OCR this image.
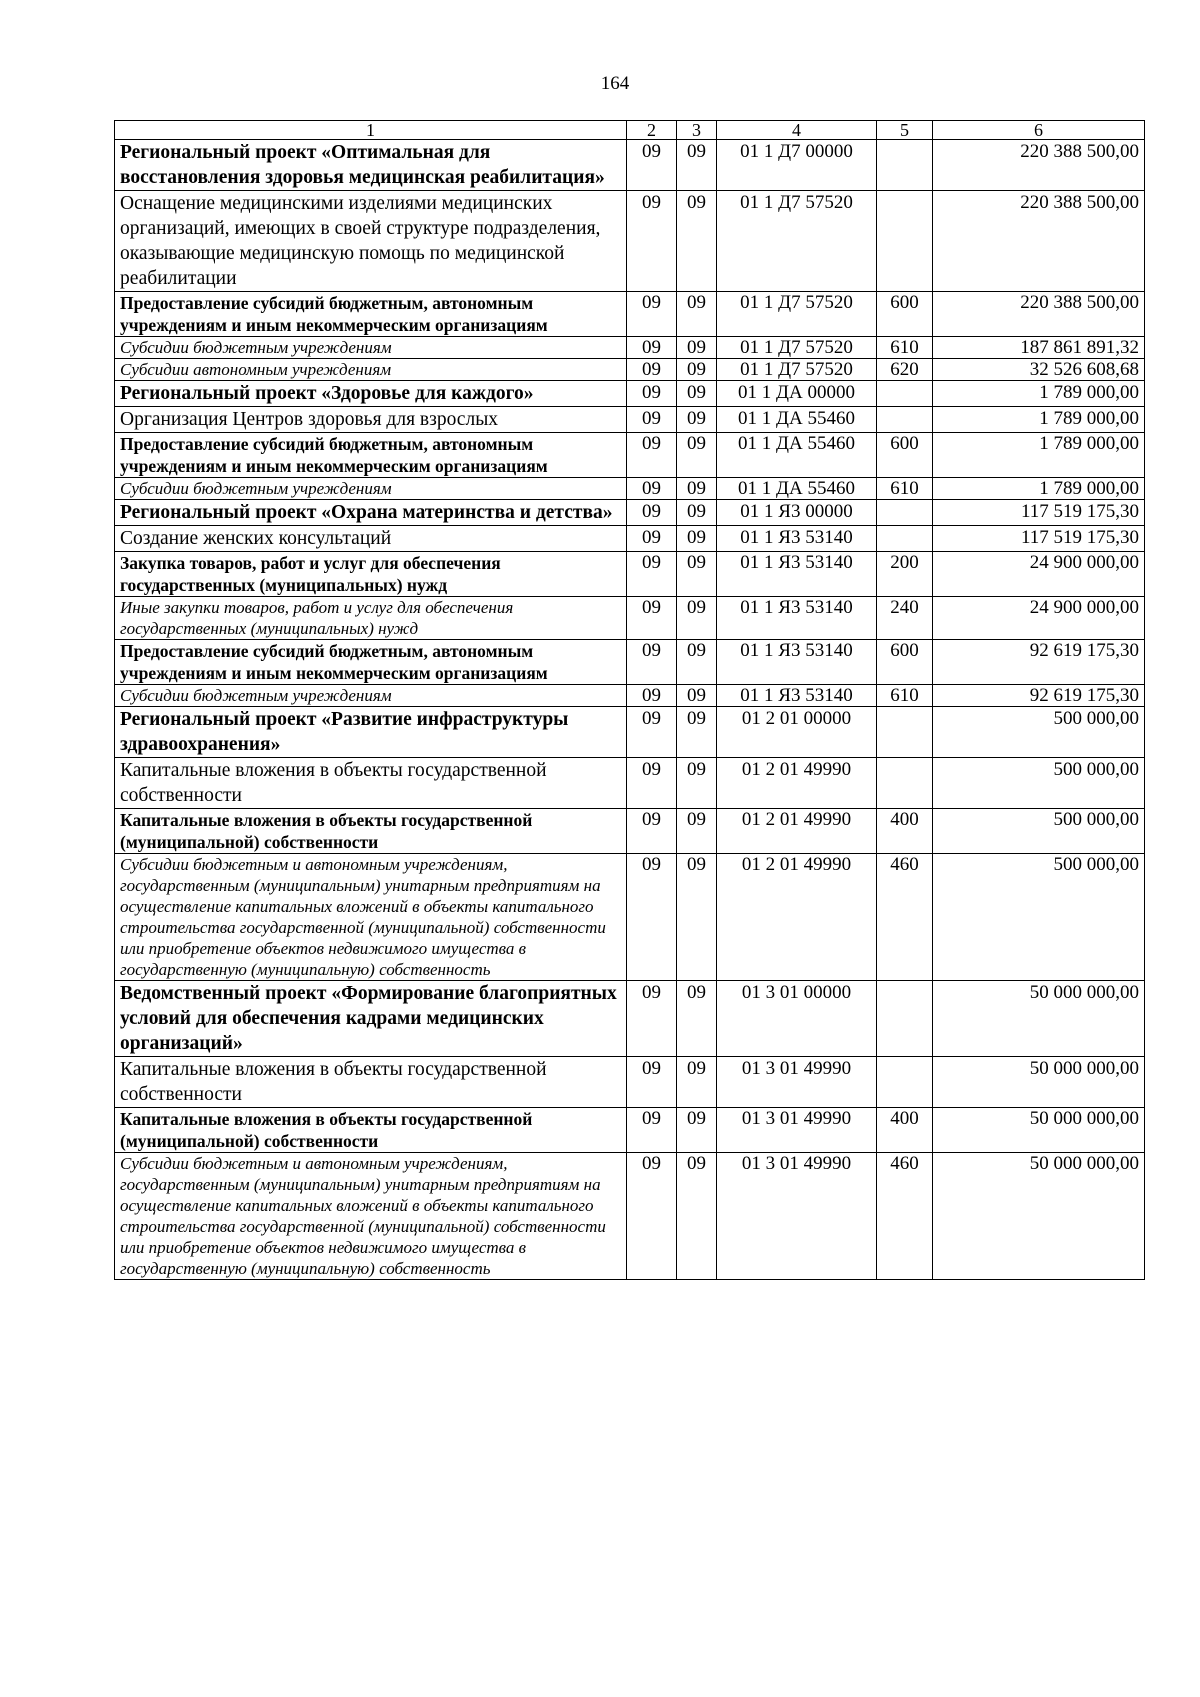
164
1	2	3	4	5	6
Региональный проект «Оптимальная для восстановления здоровья медицинская реабилитация»	09	09	01 1 Д7 00000		220 388 500,00
Оснащение медицинскими изделиями медицинских организаций, имеющих в своей структуре подразделения, оказывающие медицинскую помощь по медицинской реабилитации	09	09	01 1 Д7 57520		220 388 500,00
Предоставление субсидий бюджетным, автономным учреждениям и иным некоммерческим организациям	09	09	01 1 Д7 57520	600	220 388 500,00
Субсидии бюджетным учреждениям	09	09	01 1 Д7 57520	610	187 861 891,32
Субсидии автономным учреждениям	09	09	01 1 Д7 57520	620	32 526 608,68
Региональный проект «Здоровье для каждого»	09	09	01 1 ДА 00000		1 789 000,00
Организация Центров здоровья для взрослых	09	09	01 1 ДА 55460		1 789 000,00
Предоставление субсидий бюджетным, автономным учреждениям и иным некоммерческим организациям	09	09	01 1 ДА 55460	600	1 789 000,00
Субсидии бюджетным учреждениям	09	09	01 1 ДА 55460	610	1 789 000,00
Региональный проект «Охрана материнства и детства»	09	09	01 1 Я3 00000		117 519 175,30
Создание женских консультаций	09	09	01 1 Я3 53140		117 519 175,30
Закупка товаров, работ и услуг для обеспечения государственных (муниципальных) нужд	09	09	01 1 Я3 53140	200	24 900 000,00
Иные закупки товаров, работ и услуг для обеспечения государственных (муниципальных) нужд	09	09	01 1 Я3 53140	240	24 900 000,00
Предоставление субсидий бюджетным, автономным учреждениям и иным некоммерческим организациям	09	09	01 1 Я3 53140	600	92 619 175,30
Субсидии бюджетным учреждениям	09	09	01 1 Я3 53140	610	92 619 175,30
Региональный проект «Развитие инфраструктуры здравоохранения»	09	09	01 2 01 00000		500 000,00
Капитальные вложения в объекты государственной собственности	09	09	01 2 01 49990		500 000,00
Капитальные вложения в объекты государственной (муниципальной) собственности	09	09	01 2 01 49990	400	500 000,00
Субсидии бюджетным и автономным учреждениям, государственным (муниципальным) унитарным предприятиям на осуществление капитальных вложений в объекты капитального строительства государственной (муниципальной) собственности или приобретение объектов недвижимого имущества в государственную (муниципальную) собственность	09	09	01 2 01 49990	460	500 000,00
Ведомственный проект «Формирование благоприятных условий для обеспечения кадрами медицинских организаций»	09	09	01 3 01 00000		50 000 000,00
Капитальные вложения в объекты государственной собственности	09	09	01 3 01 49990		50 000 000,00
Капитальные вложения в объекты государственной (муниципальной) собственности	09	09	01 3 01 49990	400	50 000 000,00
Субсидии бюджетным и автономным учреждениям, государственным (муниципальным) унитарным предприятиям на осуществление капитальных вложений в объекты капитального строительства государственной (муниципальной) собственности или приобретение объектов недвижимого имущества в государственную (муниципальную) собственность	09	09	01 3 01 49990	460	50 000 000,00
